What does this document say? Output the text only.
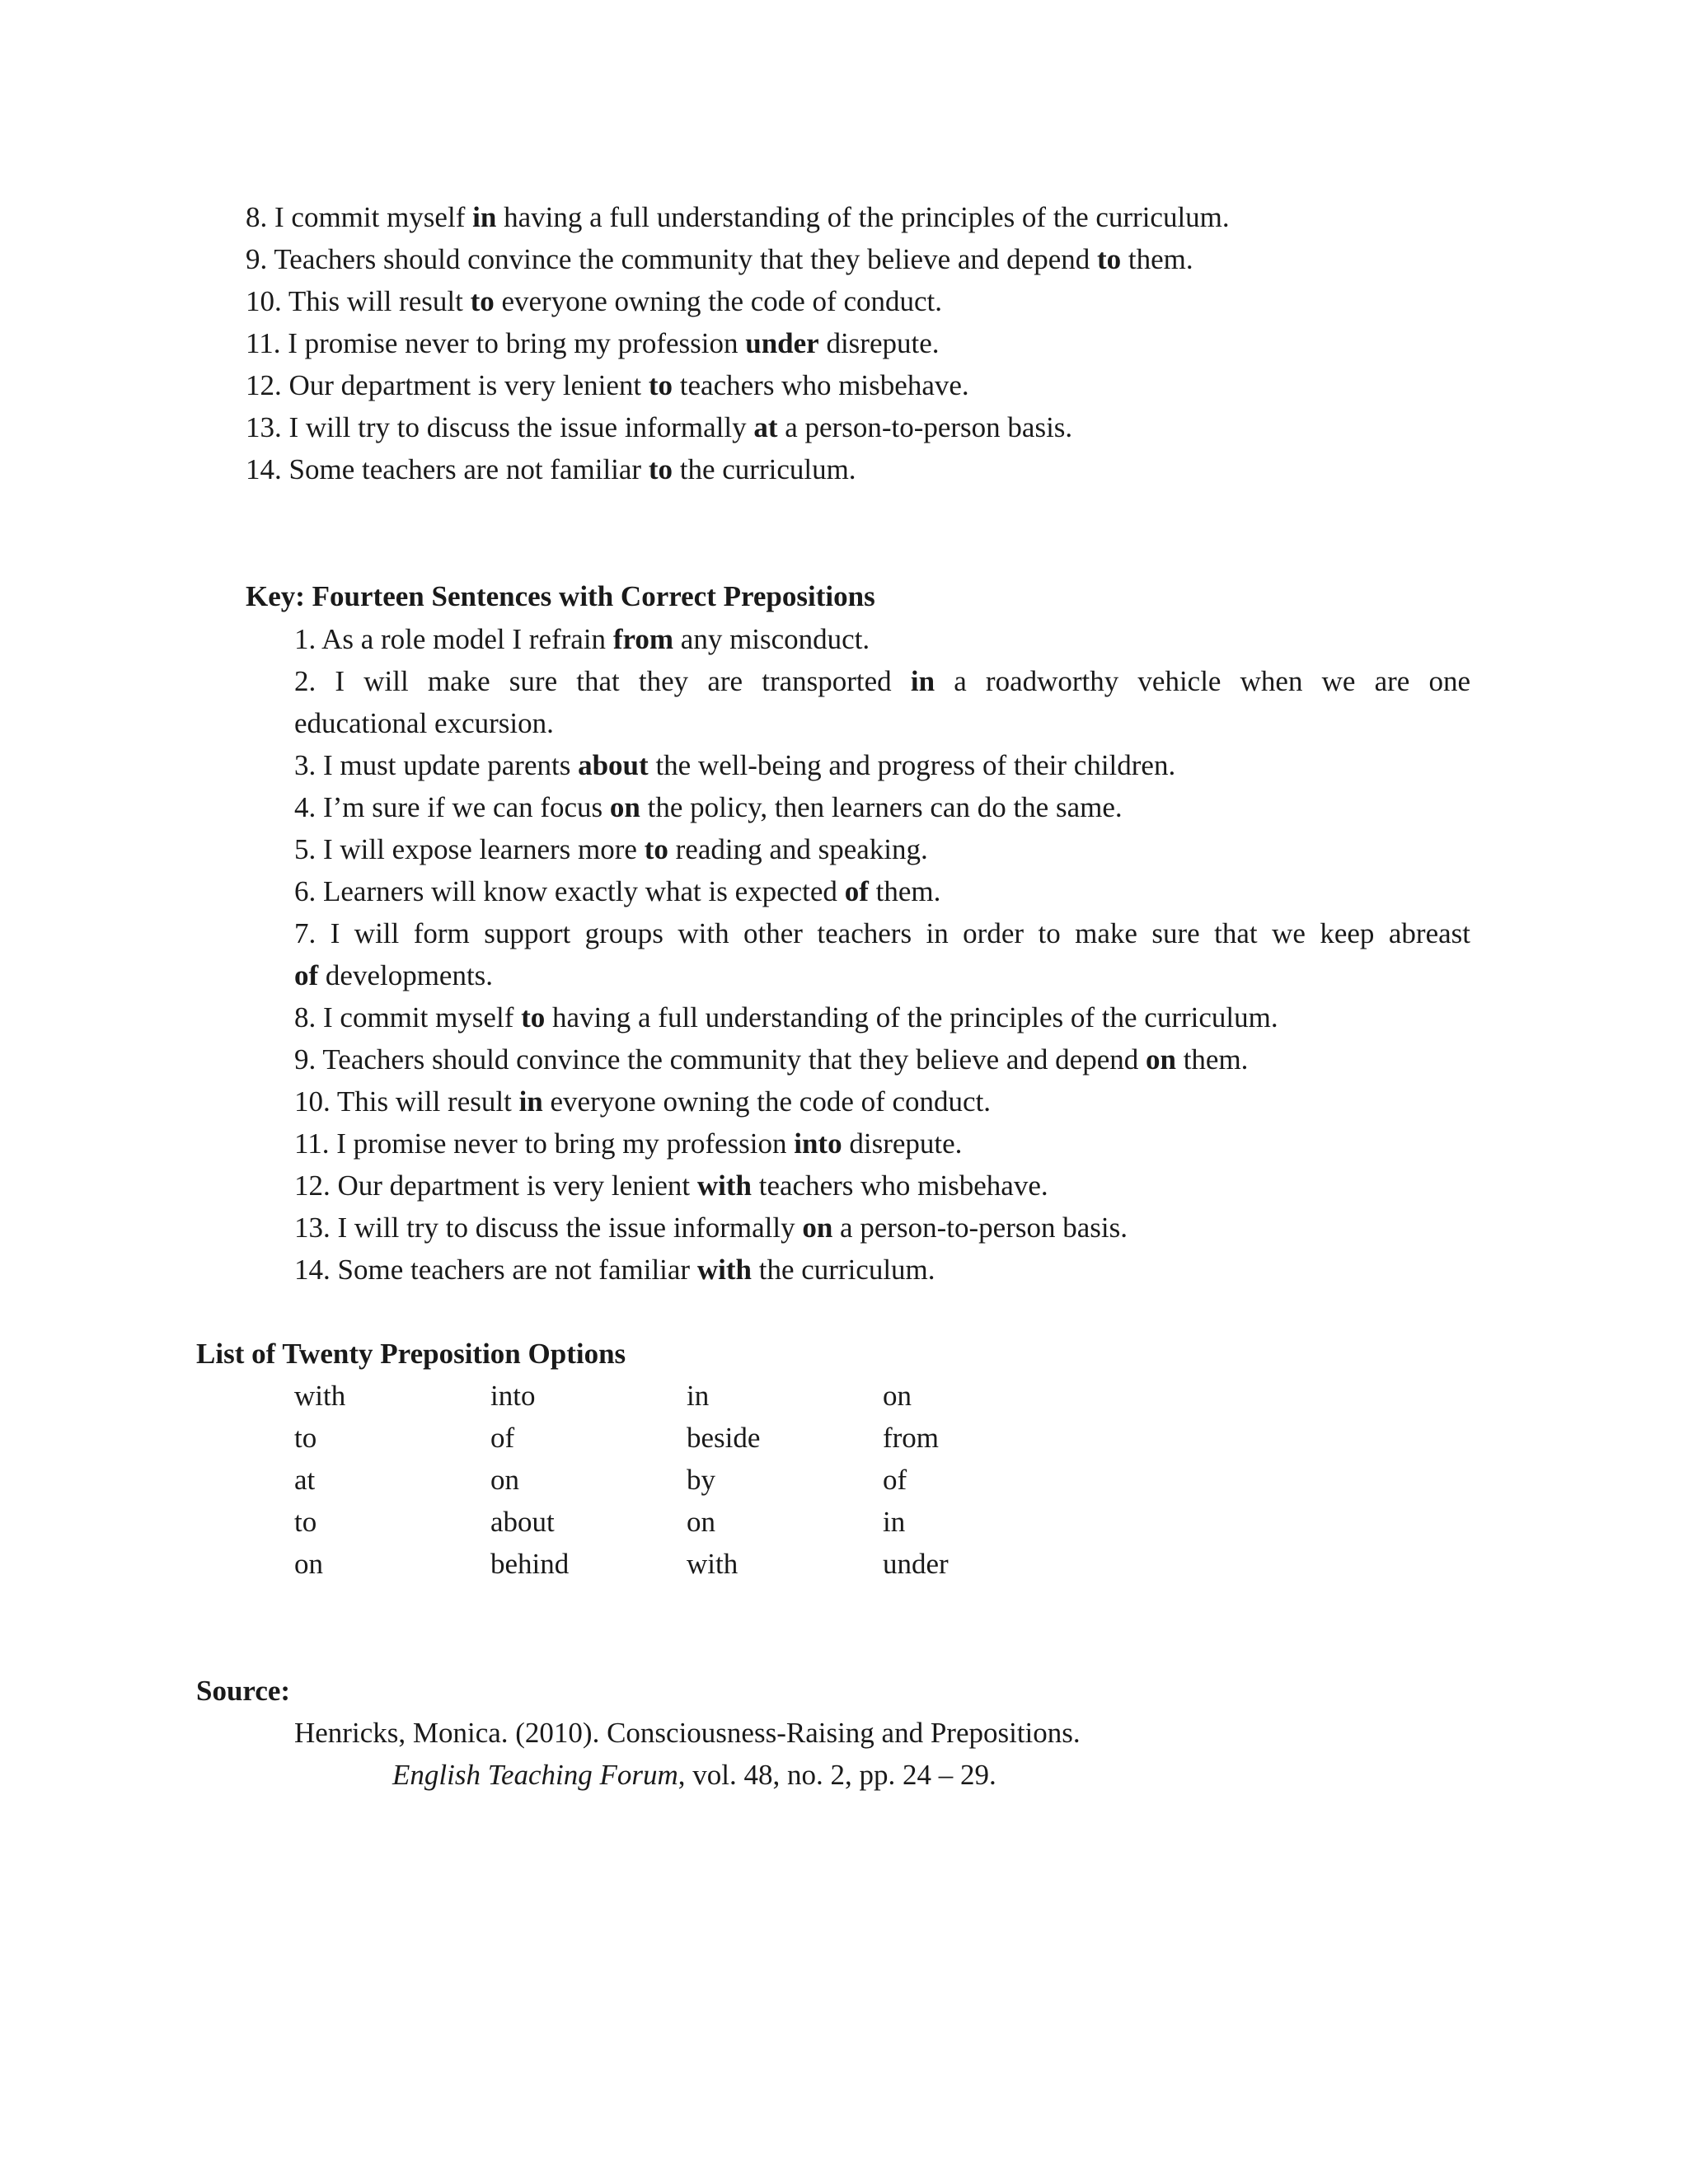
8. I commit myself in having a full understanding of the principles of the curriculum.
9. Teachers should convince the community that they believe and depend to them.
10. This will result to everyone owning the code of conduct.
11. I promise never to bring my profession under disrepute.
12. Our department is very lenient to teachers who misbehave.
13. I will try to discuss the issue informally at a person-to-person basis.
14. Some teachers are not familiar to the curriculum.
Key: Fourteen Sentences with Correct Prepositions
1. As a role model I refrain from any misconduct.
2. I will make sure that they are transported in a roadworthy vehicle when we are one
educational excursion.
3. I must update parents about the well-being and progress of their children.
4. I’m sure if we can focus on the policy, then learners can do the same.
5. I will expose learners more to reading and speaking.
6. Learners will know exactly what is expected of them.
7. I will form support groups with other teachers in order to make sure that we keep abreast
of developments.
8. I commit myself to having a full understanding of the principles of the curriculum.
9. Teachers should convince the community that they believe and depend on them.
10. This will result in everyone owning the code of conduct.
11. I promise never to bring my profession into disrepute.
12. Our department is very lenient with teachers who misbehave.
13. I will try to discuss the issue informally on a person-to-person basis.
14. Some teachers are not familiar with the curriculum.
List of Twenty Preposition Options
with	into	in	on
to	of	beside	from
at	on	by	of
to	about	on	in
on	behind	with	under
Source:
Henricks, Monica. (2010). Consciousness-Raising and Prepositions.
English Teaching Forum, vol. 48, no. 2, pp. 24 – 29.
